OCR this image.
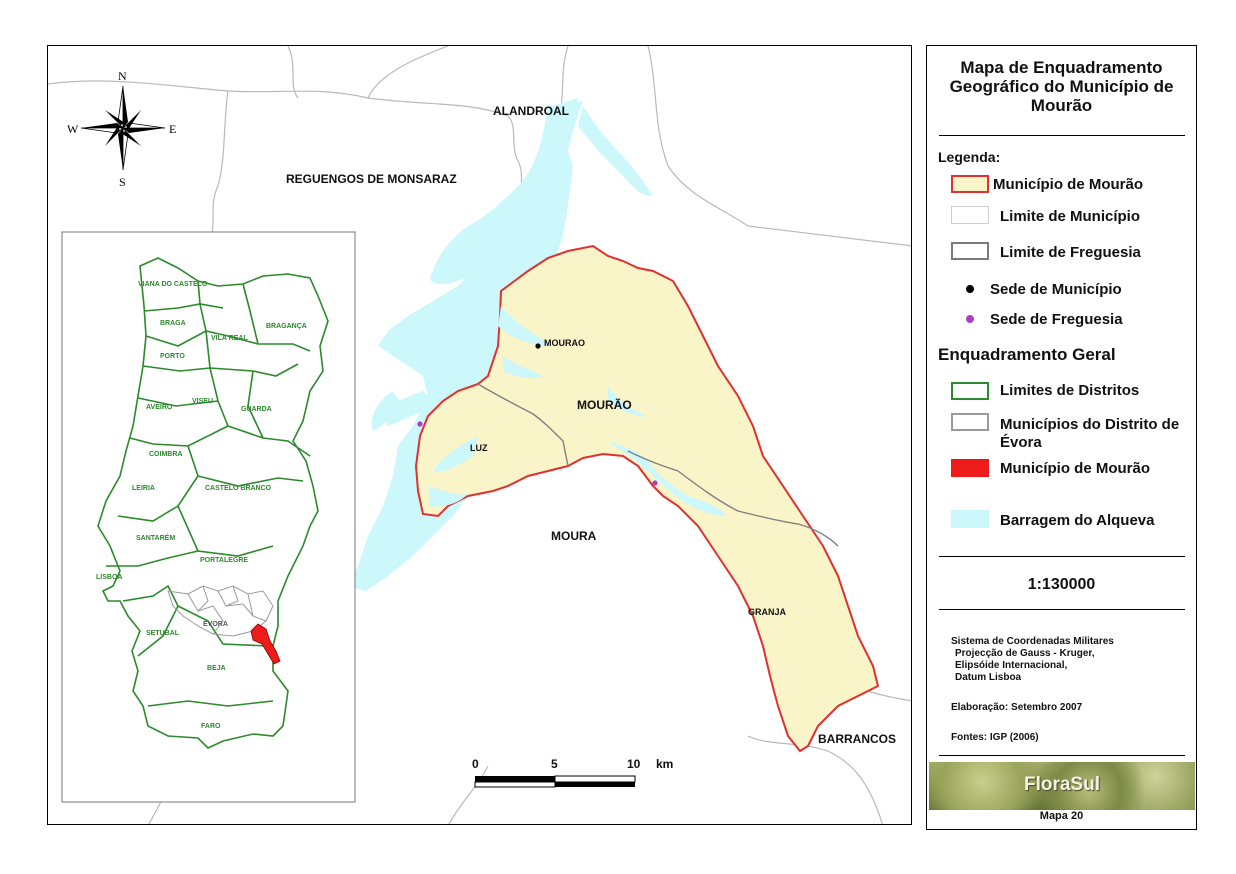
ALANDROAL
REGUENGOS DE MONSARAZ
MOURAO
MOURÃO
LUZ
MOURA
GRANJA
BARRANCOS
N
S
E
W
0	5	10 km
VIANA DO CASTELO
BRAGA
VILA REAL
BRAGANÇA
PORTO
AVEIRO
VISEU
GUARDA
COIMBRA
LEIRIA	CASTELO BRANCO
SANTARÉM
PORTALEGRE
LISBOA
ÉVORA
SETUBAL
BEJA
FARO
Mapa de Enquadramento Geográfico do Município de Mourão
Legenda:
Município de Mourão
Limite de Município
Limite de Freguesia
Sede de Município
Sede de Freguesia
Enquadramento Geral
Limites de Distritos
Municípios do Distrito de Évora
Município de Mourão
Barragem do Alqueva
1:130000
Sistema de Coordenadas Militares
Projecção de Gauss - Kruger,
Elipsóide Internacional,
Datum Lisboa
Elaboração: Setembro 2007
Fontes: IGP (2006)
FloraSul
Mapa 20
